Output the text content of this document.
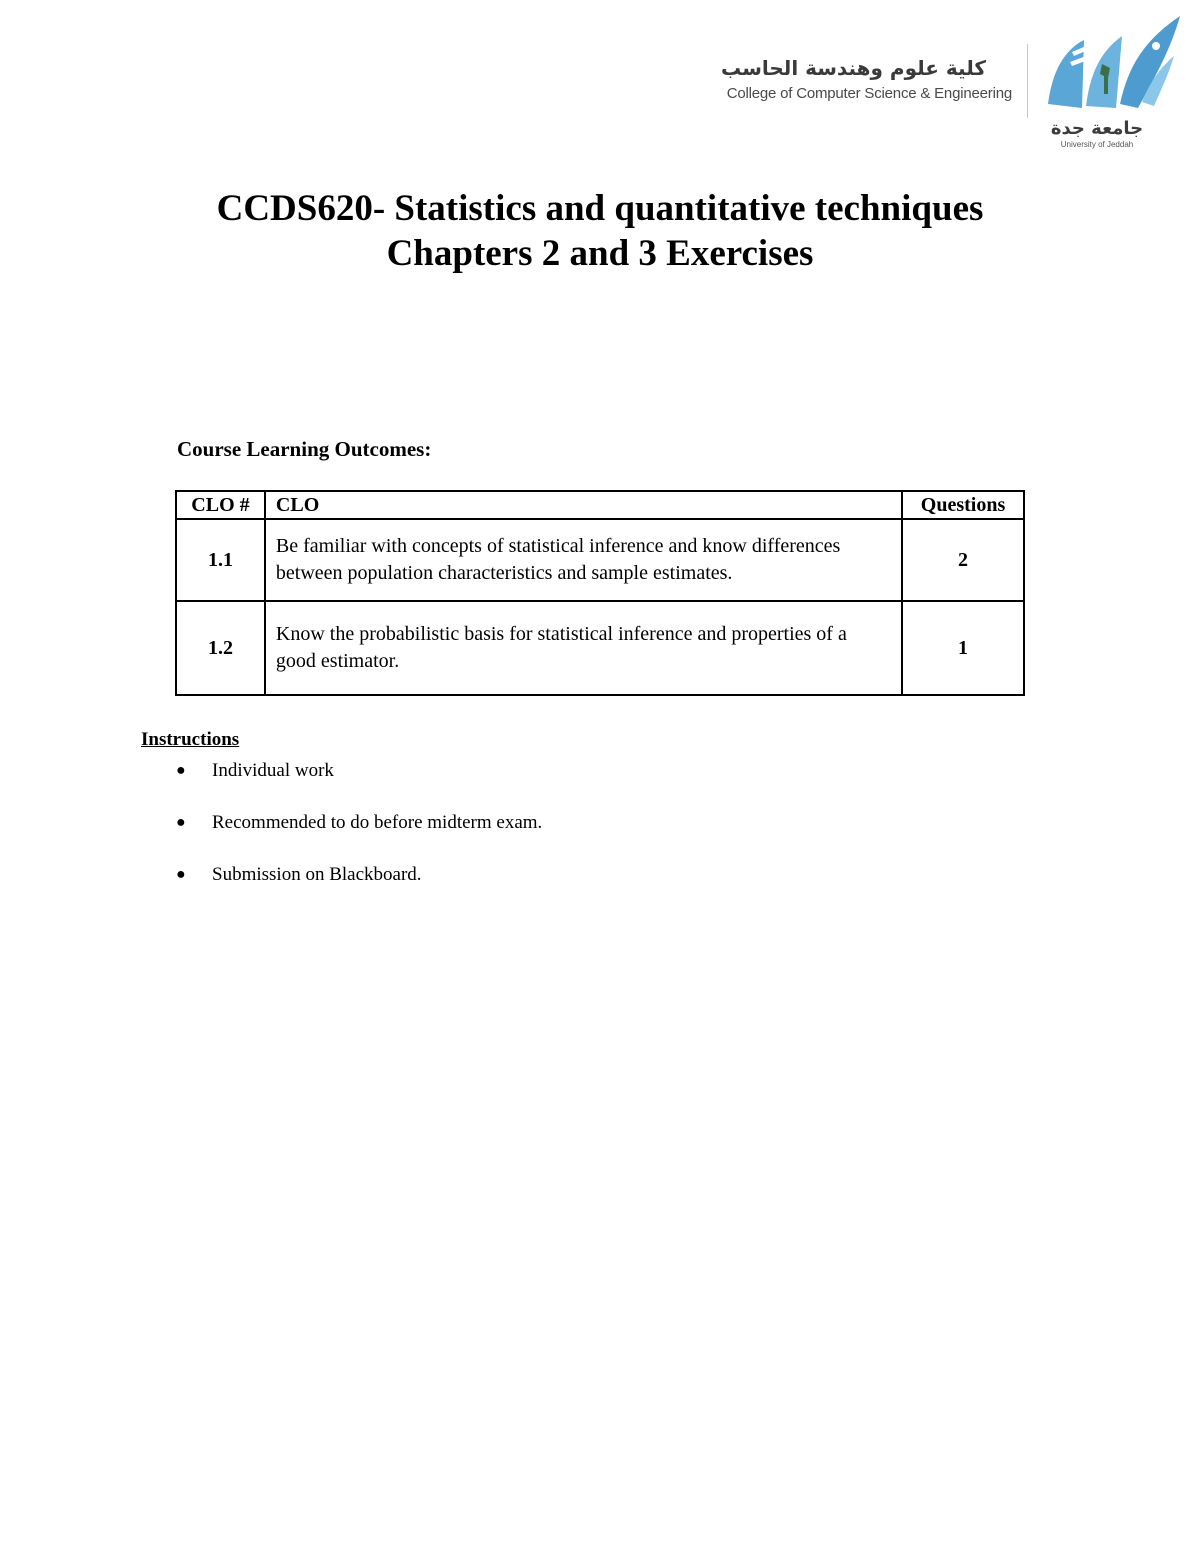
كلية علوم وهندسة الحاسب
College of Computer Science & Engineering
جامعة جدة
University of Jeddah

CCDS620- Statistics and quantitative techniques

Chapters 2 and 3 Exercises

Course Learning Outcomes:
CLO #	CLO	Questions
1.1	Be familiar with concepts of statistical inference and know differences between population characteristics and sample estimates.	2
1.2	Know the probabilistic basis for statistical inference and properties of a good estimator.	1
Instructions
● Individual work
● Recommended to do before midterm exam.
● Submission on Blackboard.
